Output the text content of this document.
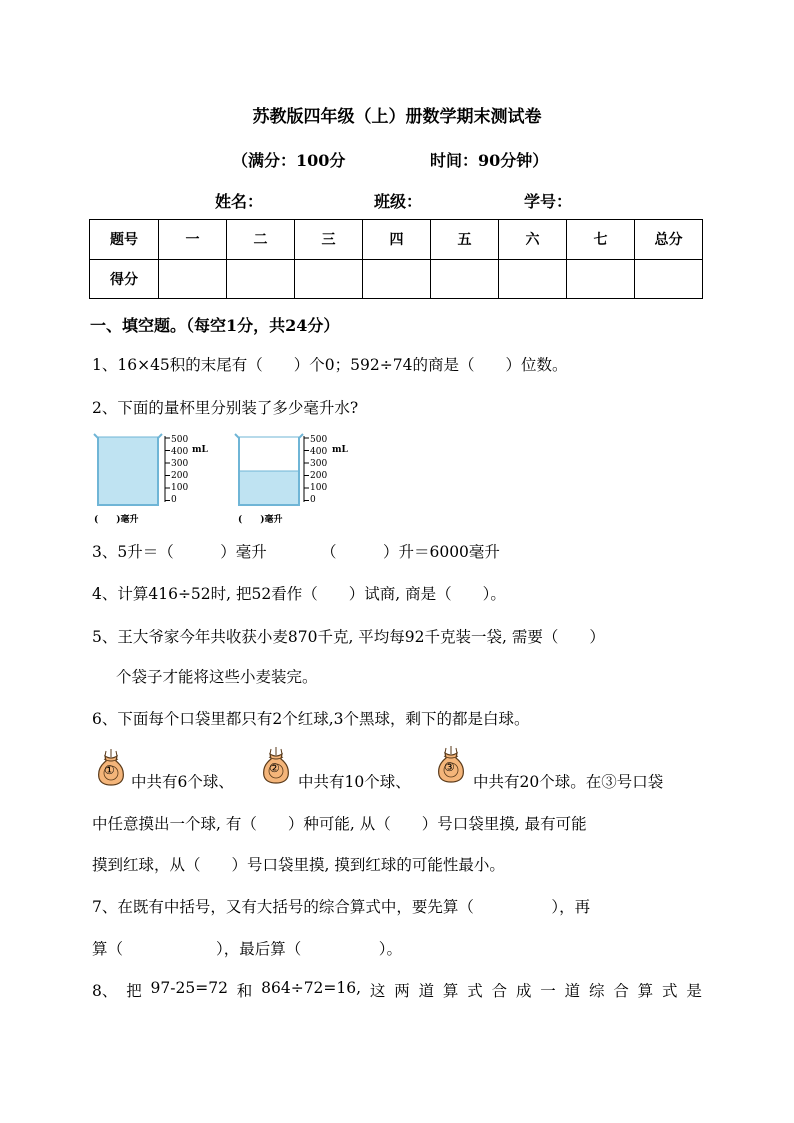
苏教版四年级（上）册数学期末测试卷
（满分：100分	时间：90分钟）
姓名：	班级：	学号：
题号	一	二	三	四	五	六	七	总分
得分								
一、填空题。（每空1分，共24分）
1、16×45积的末尾有（　　）个0；592÷74的商是（　　）位数。
2、下面的量杯里分别装了多少毫升水?
500
400
300
200
100
0
mL
(　　)毫升
500
400
300
200
100
0
mL
(　　)毫升
3、5升＝（　　　）毫升　　　　（　　　）升＝6000毫升
4、计算416÷52时, 把52看作（　　）试商, 商是（　　）。
5、王大爷家今年共收获小麦870千克, 平均每92千克装一袋, 需要（　　）
个袋子才能将这些小麦装完。
6、下面每个口袋里都只有2个红球,3个黑球，剩下的都是白球。
①
中共有6个球、
②
中共有10个球、
③
中共有20个球。在③号口袋
中任意摸出一个球, 有（　　）种可能, 从（　　）号口袋里摸, 最有可能
摸到红球，从（　　）号口袋里摸, 摸到红球的可能性最小。
7、在既有中括号，又有大括号的综合算式中，要先算（　　　　　），再
算（　　　　　　），最后算（　　　　　）。
8、 把 97-25=72 和 864÷72=16, 这 两 道 算 式 合 成 一 道 综 合 算 式 是
